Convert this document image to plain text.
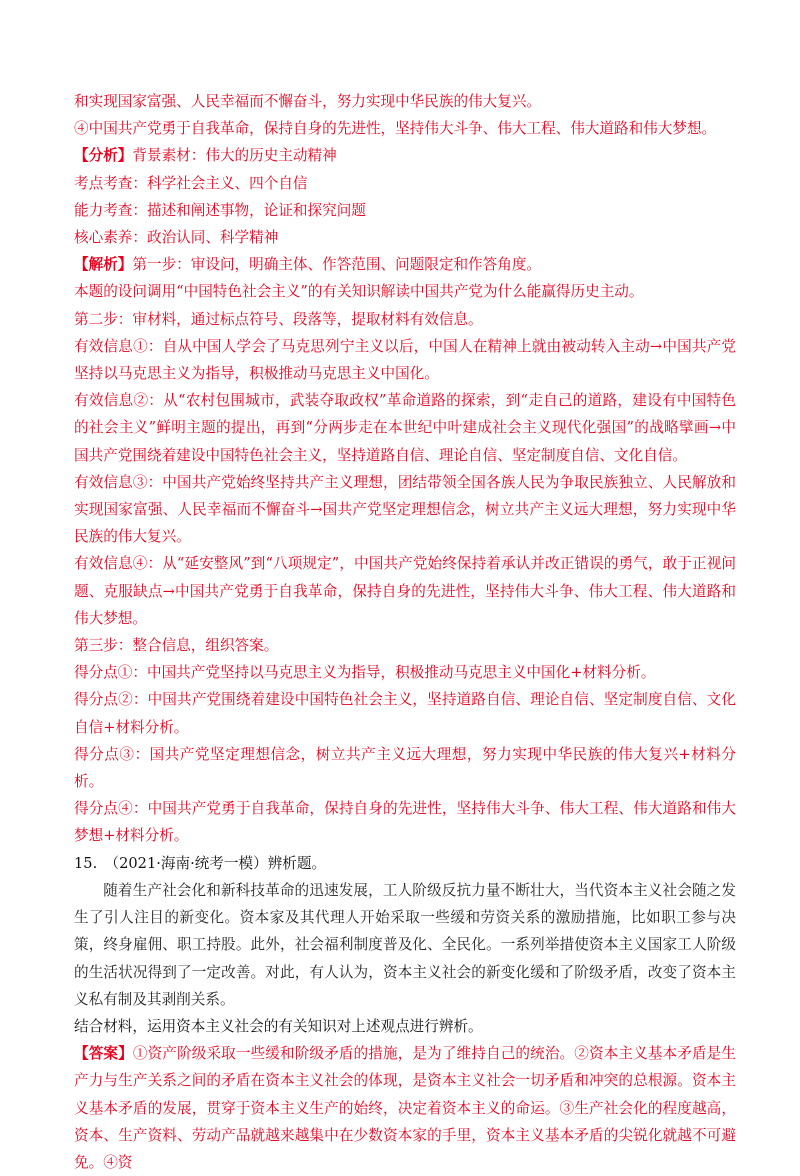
和实现国家富强、人民幸福而不懈奋斗，努力实现中华民族的伟大复兴。

④中国共产党勇于自我革命，保持自身的先进性，坚持伟大斗争、伟大工程、伟大道路和伟大梦想。

【分析】背景素材：伟大的历史主动精神

考点考查：科学社会主义、四个自信

能力考查：描述和阐述事物，论证和探究问题

核心素养：政治认同、科学精神

【解析】第一步：审设问，明确主体、作答范围、问题限定和作答角度。

本题的设问调用“中国特色社会主义”的有关知识解读中国共产党为什么能赢得历史主动。

第二步：审材料，通过标点符号、段落等，提取材料有效信息。

有效信息①：自从中国人学会了马克思列宁主义以后，中国人在精神上就由被动转入主动→中国共产党坚持以马克思主义为指导，积极推动马克思主义中国化。

有效信息②：从“农村包围城市，武装夺取政权”革命道路的探索，到“走自己的道路，建设有中国特色的社会主义”鲜明主题的提出，再到“分两步走在本世纪中叶建成社会主义现代化强国”的战略擘画→中国共产党围绕着建设中国特色社会主义，坚持道路自信、理论自信、坚定制度自信、文化自信。

有效信息③：中国共产党始终坚持共产主义理想，团结带领全国各族人民为争取民族独立、人民解放和实现国家富强、人民幸福而不懈奋斗→国共产党坚定理想信念，树立共产主义远大理想，努力实现中华民族的伟大复兴。

有效信息④：从“延安整风”到“八项规定”，中国共产党始终保持着承认并改正错误的勇气，敢于正视问题、克服缺点→中国共产党勇于自我革命，保持自身的先进性，坚持伟大斗争、伟大工程、伟大道路和伟大梦想。

第三步：整合信息，组织答案。

得分点①：中国共产党坚持以马克思主义为指导，积极推动马克思主义中国化+材料分析。

得分点②：中国共产党围绕着建设中国特色社会主义，坚持道路自信、理论自信、坚定制度自信、文化自信+材料分析。

得分点③：国共产党坚定理想信念，树立共产主义远大理想，努力实现中华民族的伟大复兴+材料分析。

得分点④：中国共产党勇于自我革命，保持自身的先进性，坚持伟大斗争、伟大工程、伟大道路和伟大梦想+材料分析。

15.　（2021·海南·统考一模）辨析题。

随着生产社会化和新科技革命的迅速发展，工人阶级反抗力量不断壮大，当代资本主义社会随之发生了引人注目的新变化。资本家及其代理人开始采取一些缓和劳资关系的激励措施，比如职工参与决策，终身雇佣、职工持股。此外，社会福利制度普及化、全民化。一系列举措使资本主义国家工人阶级的生活状况得到了一定改善。对此，有人认为，资本主义社会的新变化缓和了阶级矛盾，改变了资本主义私有制及其剥削关系。

结合材料，运用资本主义社会的有关知识对上述观点进行辨析。

【答案】①资产阶级采取一些缓和阶级矛盾的措施，是为了维持自己的统治。②资本主义基本矛盾是生产力与生产关系之间的矛盾在资本主义社会的体现，是资本主义社会一切矛盾和冲突的总根源。资本主义基本矛盾的发展，贯穿于资本主义生产的始终，决定着资本主义的命运。③生产社会化的程度越高，资本、生产资料、劳动产品就越来越集中在少数资本家的手里，资本主义基本矛盾的尖锐化就越不可避免。④资
